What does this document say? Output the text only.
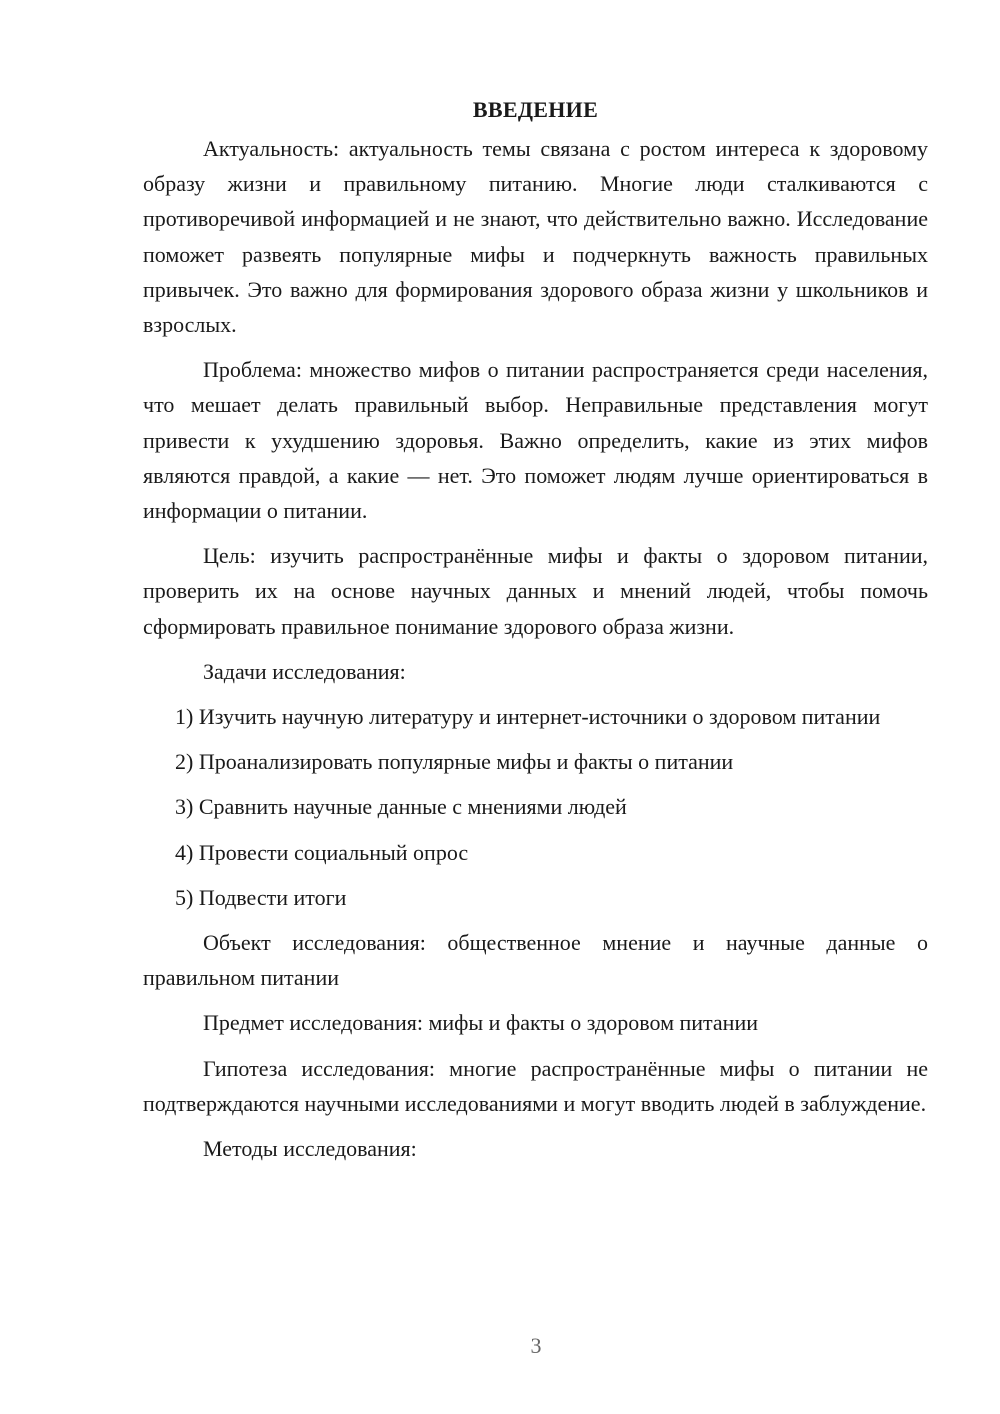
ВВЕДЕНИЕ

Актуальность: актуальность темы связана с ростом интереса к здоровому образу жизни и правильному питанию. Многие люди сталкиваются с противоречивой информацией и не знают, что действительно важно. Исследование поможет развеять популярные мифы и подчеркнуть важность правильных привычек. Это важно для формирования здорового образа жизни у школьников и взрослых.

Проблема: множество мифов о питании распространяется среди населения, что мешает делать правильный выбор. Неправильные представления могут привести к ухудшению здоровья. Важно определить, какие из этих мифов являются правдой, а какие — нет. Это поможет людям лучше ориентироваться в информации о питании.

Цель: изучить распространённые мифы и факты о здоровом питании, проверить их на основе научных данных и мнений людей, чтобы помочь сформировать правильное понимание здорового образа жизни.

Задачи исследования:

1) Изучить научную литературу и интернет-источники о здоровом питании

2) Проанализировать популярные мифы и факты о питании

3) Сравнить научные данные с мнениями людей

4) Провести социальный опрос

5) Подвести итоги

Объект исследования: общественное мнение и научные данные о правильном питании

Предмет исследования: мифы и факты о здоровом питании

Гипотеза исследования: многие распространённые мифы о питании не подтверждаются научными исследованиями и могут вводить людей в заблуждение.

Методы исследования:

3
